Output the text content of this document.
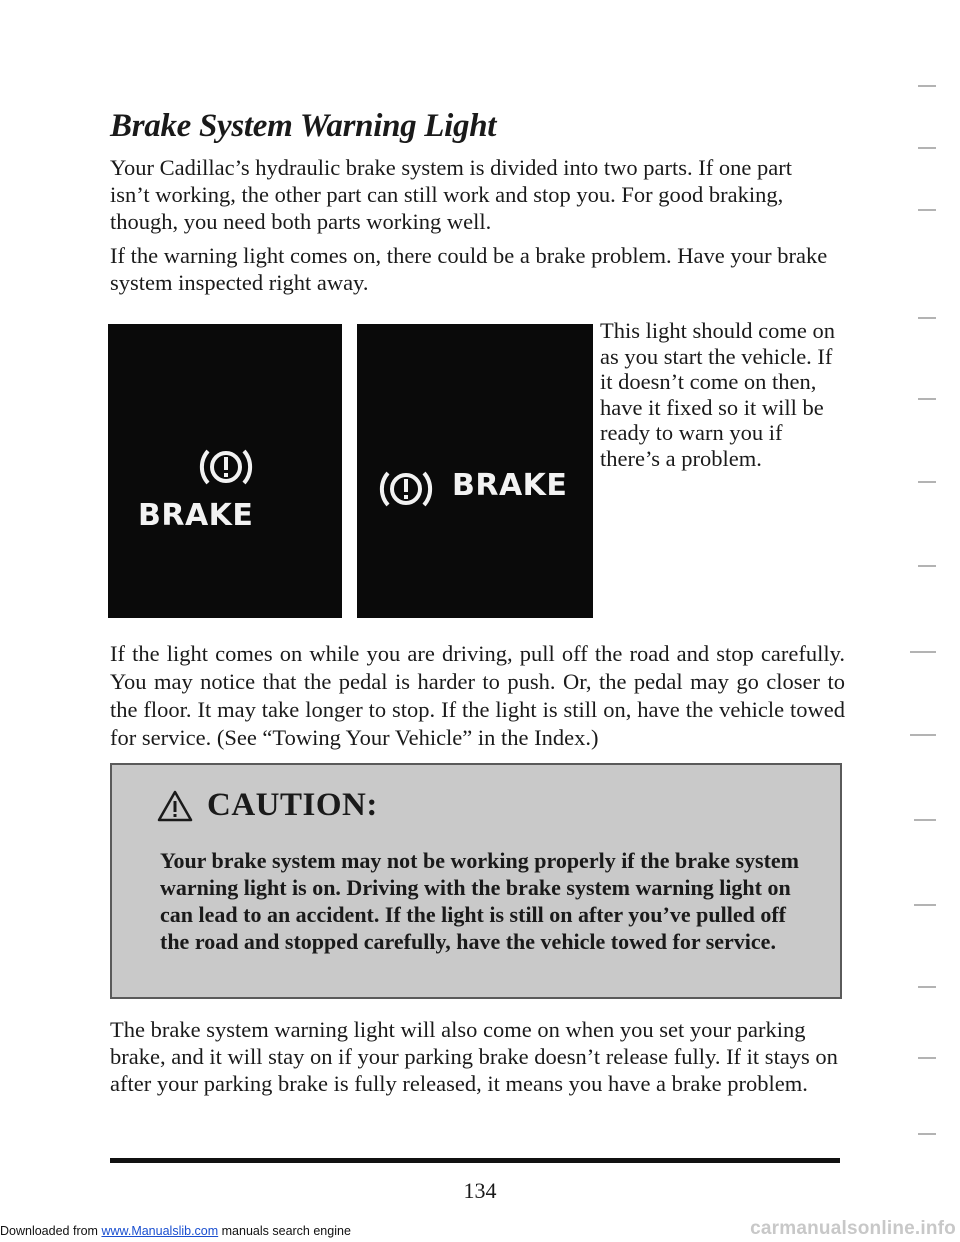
Brake System Warning Light

Your Cadillac’s hydraulic brake system is divided into two parts. If one part isn’t working, the other part can still work and stop you. For good braking, though, you need both parts working well.

If the warning light comes on, there could be a brake problem. Have your brake system inspected right away.

BRAKE
BRAKE

This light should come on as you start the vehicle. If it doesn’t come on then, have it fixed so it will be ready to warn you if there’s a problem.

If the light comes on while you are driving, pull off the road and stop carefully. You may notice that the pedal is harder to push. Or, the pedal may go closer to the floor. It may take longer to stop. If the light is still on, have the vehicle towed for service. (See “Towing Your Vehicle” in the Index.)

CAUTION:

Your brake system may not be working properly if the brake system warning light is on. Driving with the brake system warning light on can lead to an accident. If the light is still on after you’ve pulled off the road and stopped carefully, have the vehicle towed for service.

The brake system warning light will also come on when you set your parking brake, and it will stay on if your parking brake doesn’t release fully. If it stays on after your parking brake is fully released, it means you have a brake problem.

134
Downloaded from www.Manualslib.com manuals search engine	carmanualsonline.info
